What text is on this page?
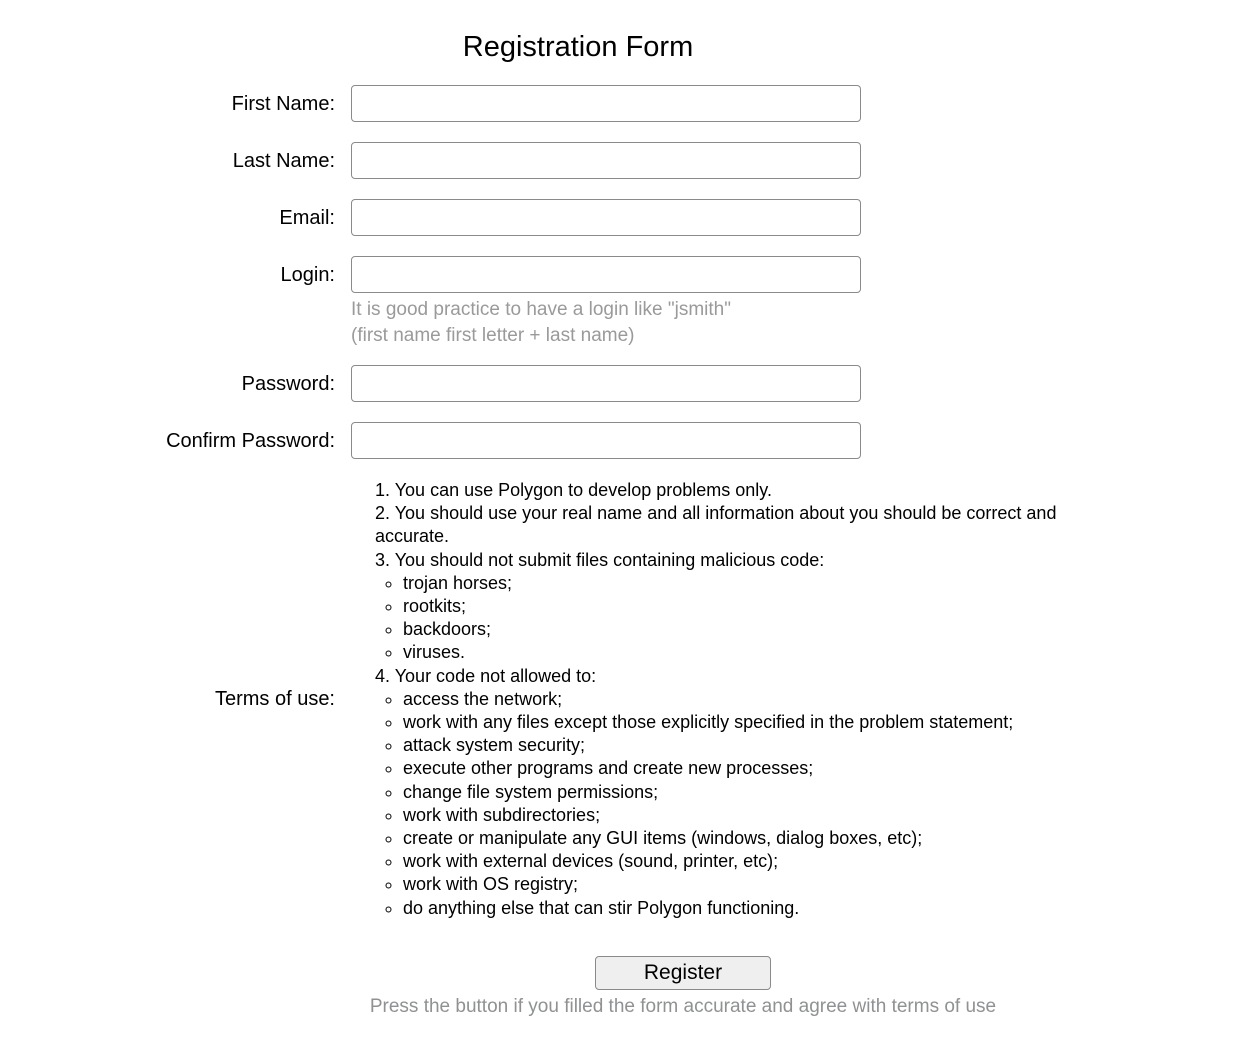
Registration Form
First Name:
Last Name:
Email:
Login:
It is good practice to have a login like "jsmith"
(first name first letter + last name)
Password:
Confirm Password:
Terms of use:
1. You can use Polygon to develop problems only.
2. You should use your real name and all information about you should be correct and accurate.
3. You should not submit files containing malicious code:
◦ trojan horses;
◦ rootkits;
◦ backdoors;
◦ viruses.
4. Your code not allowed to:
◦ access the network;
◦ work with any files except those explicitly specified in the problem statement;
◦ attack system security;
◦ execute other programs and create new processes;
◦ change file system permissions;
◦ work with subdirectories;
◦ create or manipulate any GUI items (windows, dialog boxes, etc);
◦ work with external devices (sound, printer, etc);
◦ work with OS registry;
◦ do anything else that can stir Polygon functioning.
Register
Press the button if you filled the form accurate and agree with terms of use
